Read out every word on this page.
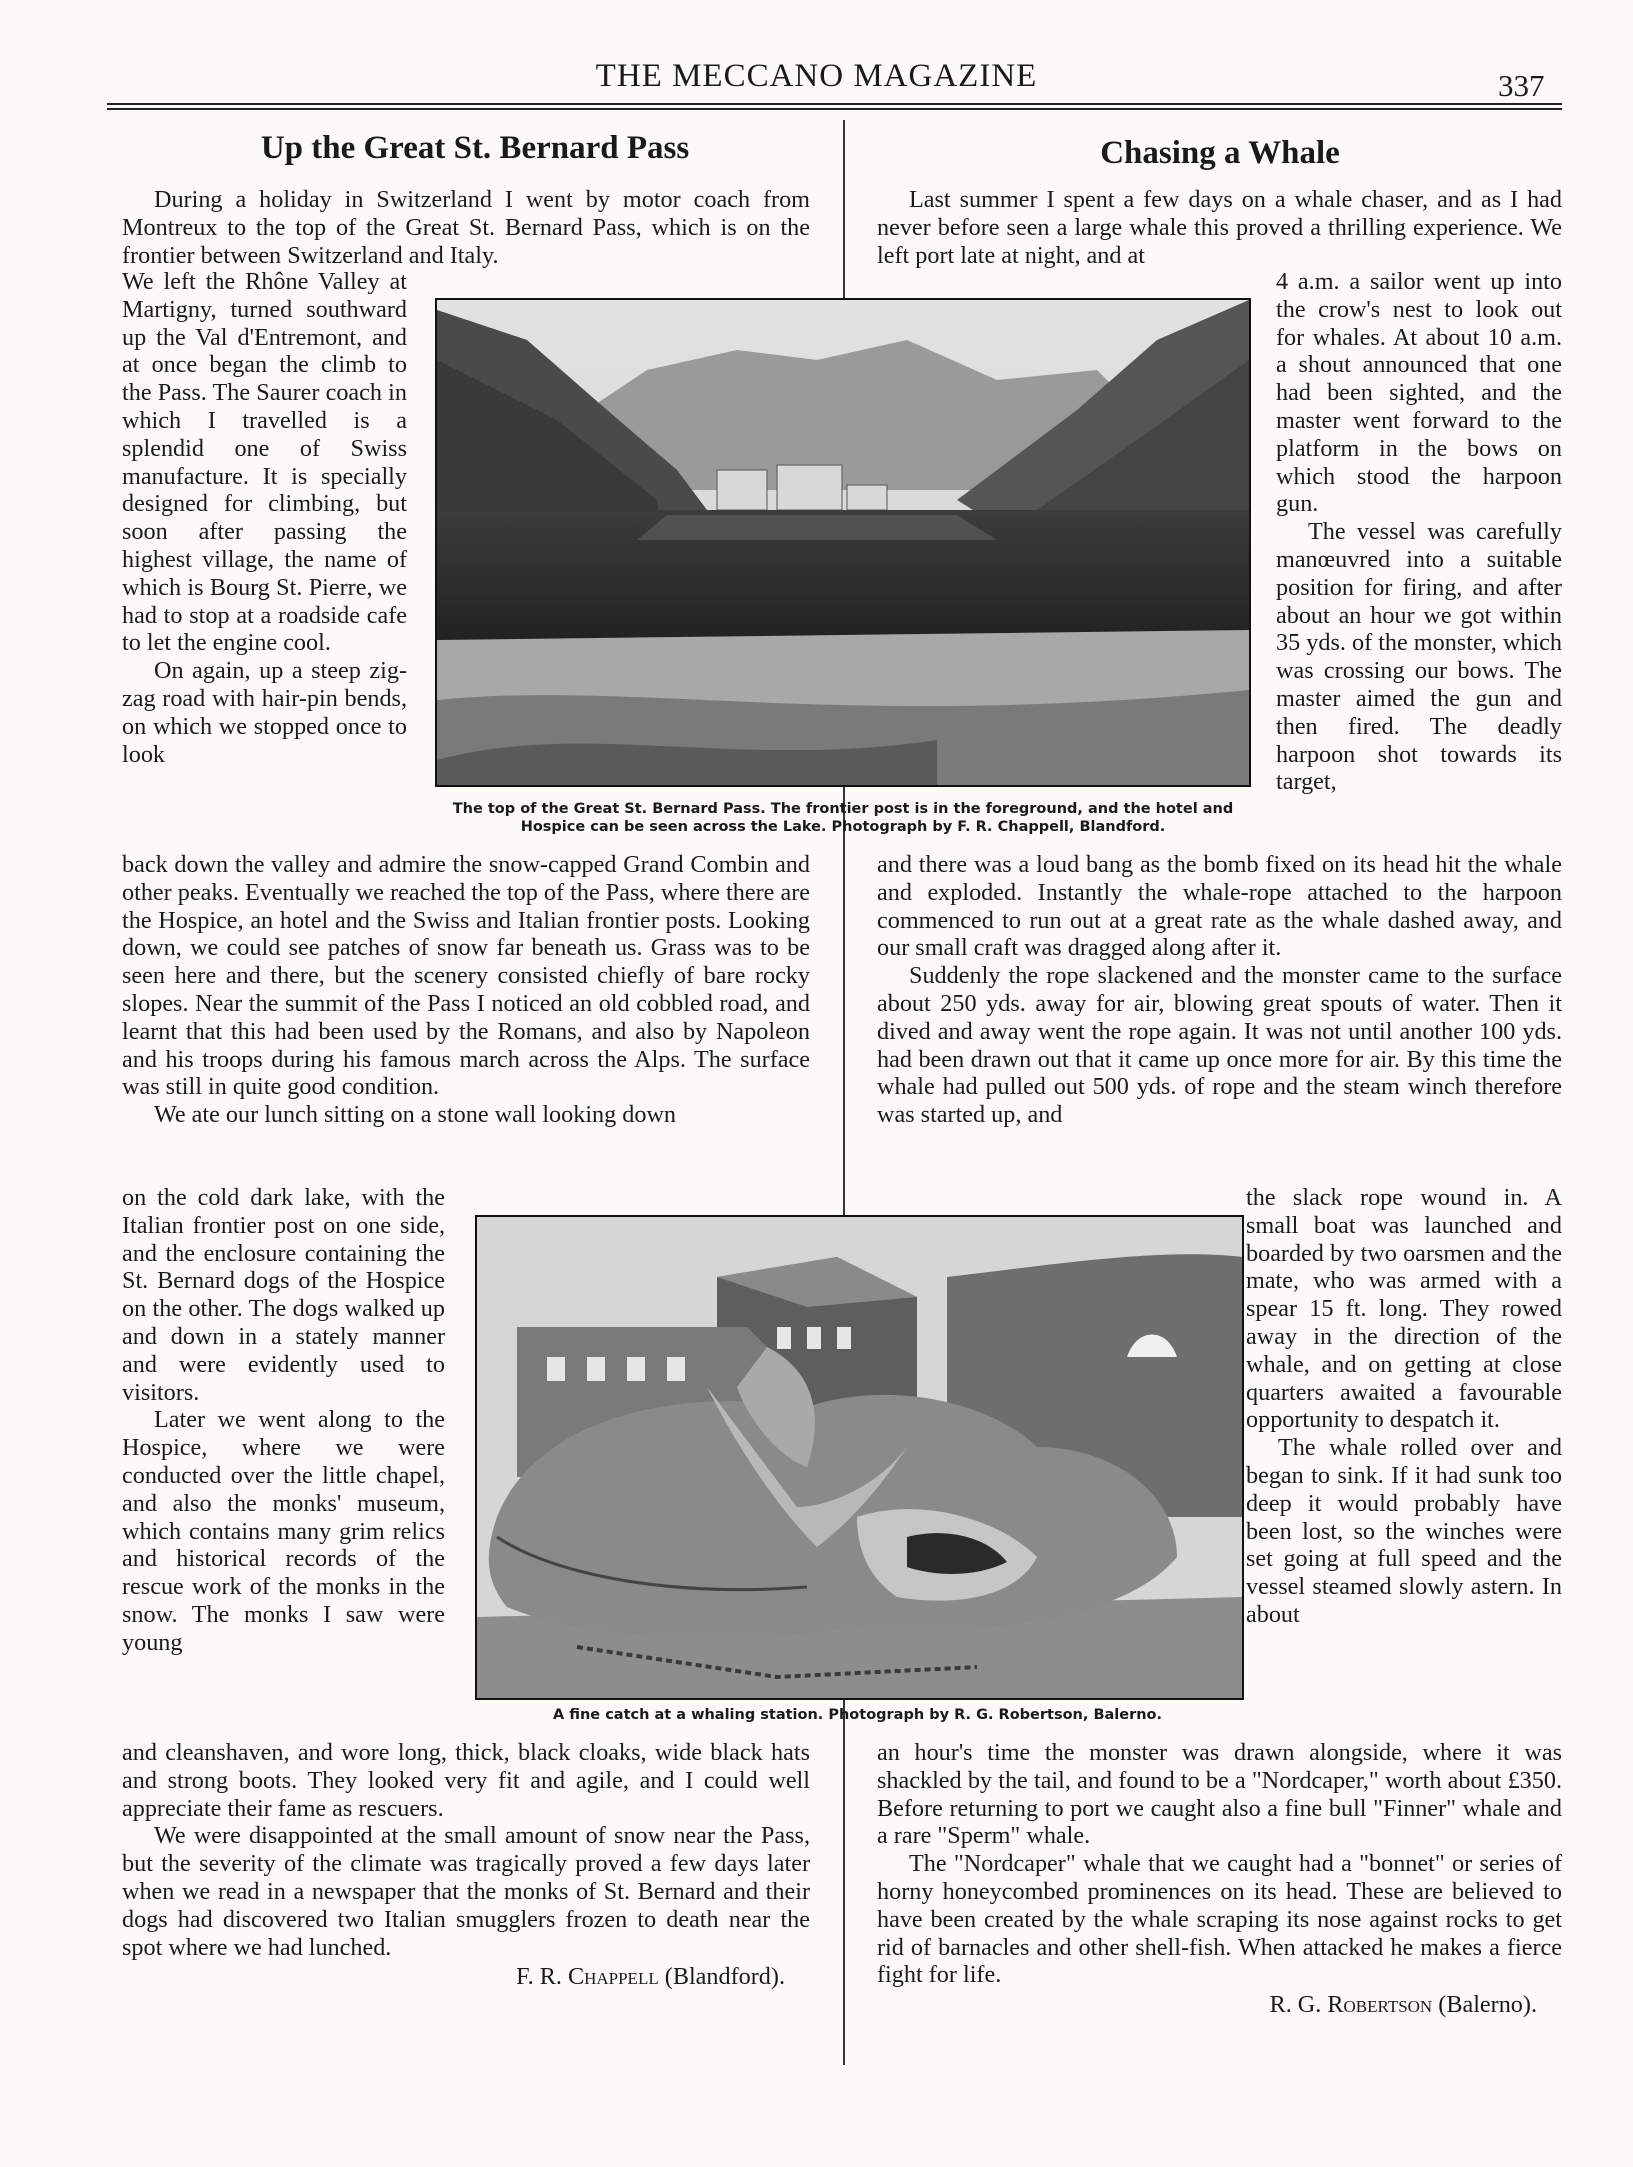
THE MECCANO MAGAZINE	337
Up the Great St. Bernard Pass	Chasing a Whale

During a holiday in Switzerland I went by motor coach from Montreux to the top of the Great St. Bernard Pass, which is on the frontier between Switzerland and Italy.

We left the Rhône Valley at Martigny, turned southward up the Val d'Entremont, and at once began the climb to the Pass. The Saurer coach in which I travelled is a splendid one of Swiss manufacture. It is specially designed for climbing, but soon after passing the highest village, the name of which is Bourg St. Pierre, we had to stop at a roadside cafe to let the engine cool.

On again, up a steep zig-zag road with hair-pin bends, on which we stopped once to look

The top of the Great St. Bernard Pass. The frontier post is in the foreground, and the hotel and Hospice can be seen across the Lake. Photograph by F. R. Chappell, Blandford.

back down the valley and admire the snow-capped Grand Combin and other peaks. Eventually we reached the top of the Pass, where there are the Hospice, an hotel and the Swiss and Italian frontier posts. Looking down, we could see patches of snow far beneath us. Grass was to be seen here and there, but the scenery consisted chiefly of bare rocky slopes. Near the summit of the Pass I noticed an old cobbled road, and learnt that this had been used by the Romans, and also by Napoleon and his troops during his famous march across the Alps. The surface was still in quite good condition.

We ate our lunch sitting on a stone wall looking down

on the cold dark lake, with the Italian frontier post on one side, and the enclosure containing the St. Bernard dogs of the Hospice on the other. The dogs walked up and down in a stately manner and were evidently used to visitors.

Later we went along to the Hospice, where we were conducted over the little chapel, and also the monks' museum, which contains many grim relics and historical records of the rescue work of the monks in the snow. The monks I saw were young

A fine catch at a whaling station. Photograph by R. G. Robertson, Balerno.

and cleanshaven, and wore long, thick, black cloaks, wide black hats and strong boots. They looked very fit and agile, and I could well appreciate their fame as rescuers.

We were disappointed at the small amount of snow near the Pass, but the severity of the climate was tragically proved a few days later when we read in a newspaper that the monks of St. Bernard and their dogs had discovered two Italian smugglers frozen to death near the spot where we had lunched.

F. R. Chappell (Blandford).

Last summer I spent a few days on a whale chaser, and as I had never before seen a large whale this proved a thrilling experience. We left port late at night, and at

4 a.m. a sailor went up into the crow's nest to look out for whales. At about 10 a.m. a shout announced that one had been sighted, and the master went forward to the platform in the bows on which stood the harpoon gun.

The vessel was carefully manœuvred into a suitable position for firing, and after about an hour we got within 35 yds. of the monster, which was crossing our bows. The master aimed the gun and then fired. The deadly harpoon shot towards its target,

and there was a loud bang as the bomb fixed on its head hit the whale and exploded. Instantly the whale-rope attached to the harpoon commenced to run out at a great rate as the whale dashed away, and our small craft was dragged along after it.

Suddenly the rope slackened and the monster came to the surface about 250 yds. away for air, blowing great spouts of water. Then it dived and away went the rope again. It was not until another 100 yds. had been drawn out that it came up once more for air. By this time the whale had pulled out 500 yds. of rope and the steam winch therefore was started up, and

the slack rope wound in. A small boat was launched and boarded by two oarsmen and the mate, who was armed with a spear 15 ft. long. They rowed away in the direction of the whale, and on getting at close quarters awaited a favourable opportunity to despatch it.

The whale rolled over and began to sink. If it had sunk too deep it would probably have been lost, so the winches were set going at full speed and the vessel steamed slowly astern. In about

an hour's time the monster was drawn alongside, where it was shackled by the tail, and found to be a "Nordcaper," worth about £350. Before returning to port we caught also a fine bull "Finner" whale and a rare "Sperm" whale.

The "Nordcaper" whale that we caught had a "bonnet" or series of horny honeycombed prominences on its head. These are believed to have been created by the whale scraping its nose against rocks to get rid of barnacles and other shell-fish. When attacked he makes a fierce fight for life.

R. G. Robertson (Balerno).
